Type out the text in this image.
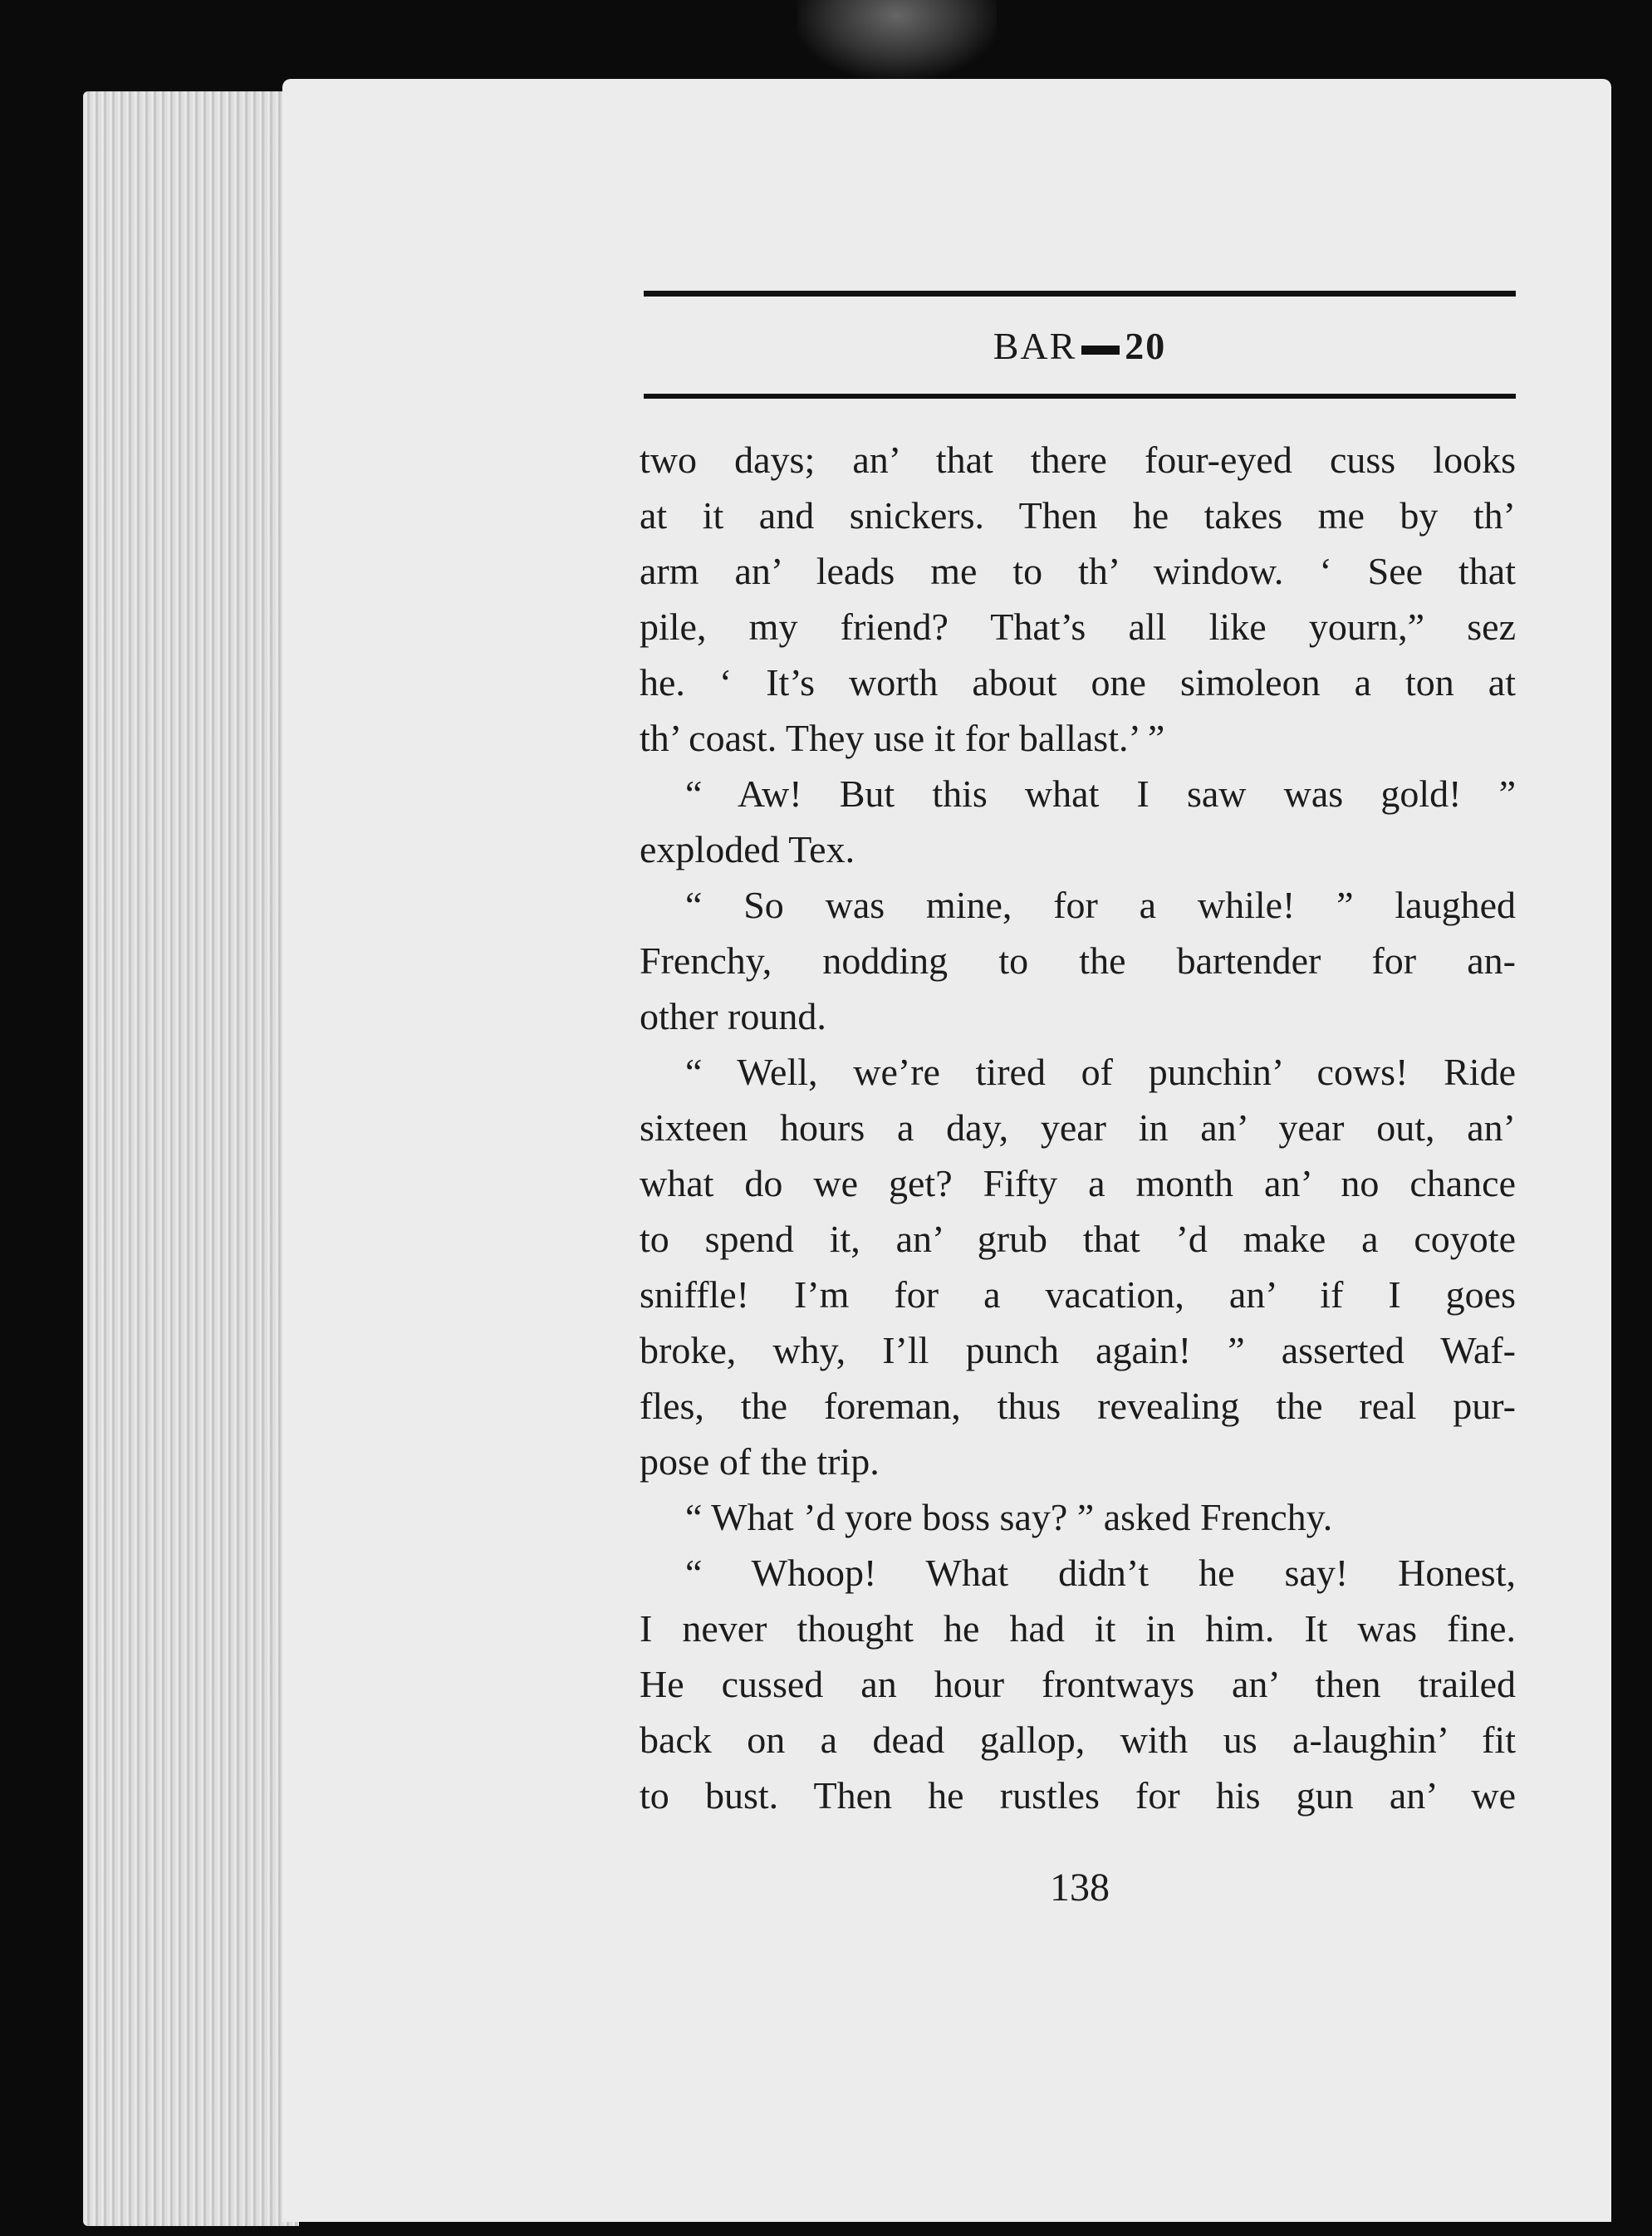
BAR 20
two days; an’ that there four-eyed cuss looks
at it and snickers. Then he takes me by th’
arm an’ leads me to th’ window. ‘ See that
pile, my friend? That’s all like yourn,” sez
he. ‘ It’s worth about one simoleon a ton at
th’ coast. They use it for ballast.’ ”
“ Aw! But this what I saw was gold! ”
exploded Tex.
“ So was mine, for a while! ” laughed
Frenchy, nodding to the bartender for an-
other round.
“ Well, we’re tired of punchin’ cows! Ride
sixteen hours a day, year in an’ year out, an’
what do we get? Fifty a month an’ no chance
to spend it, an’ grub that ’d make a coyote
sniffle! I’m for a vacation, an’ if I goes
broke, why, I’ll punch again! ” asserted Waf-
fles, the foreman, thus revealing the real pur-
pose of the trip.
“ What ’d yore boss say? ” asked Frenchy.
“ Whoop! What didn’t he say! Honest,
I never thought he had it in him. It was fine.
He cussed an hour frontways an’ then trailed
back on a dead gallop, with us a-laughin’ fit
to bust. Then he rustles for his gun an’ we
138
